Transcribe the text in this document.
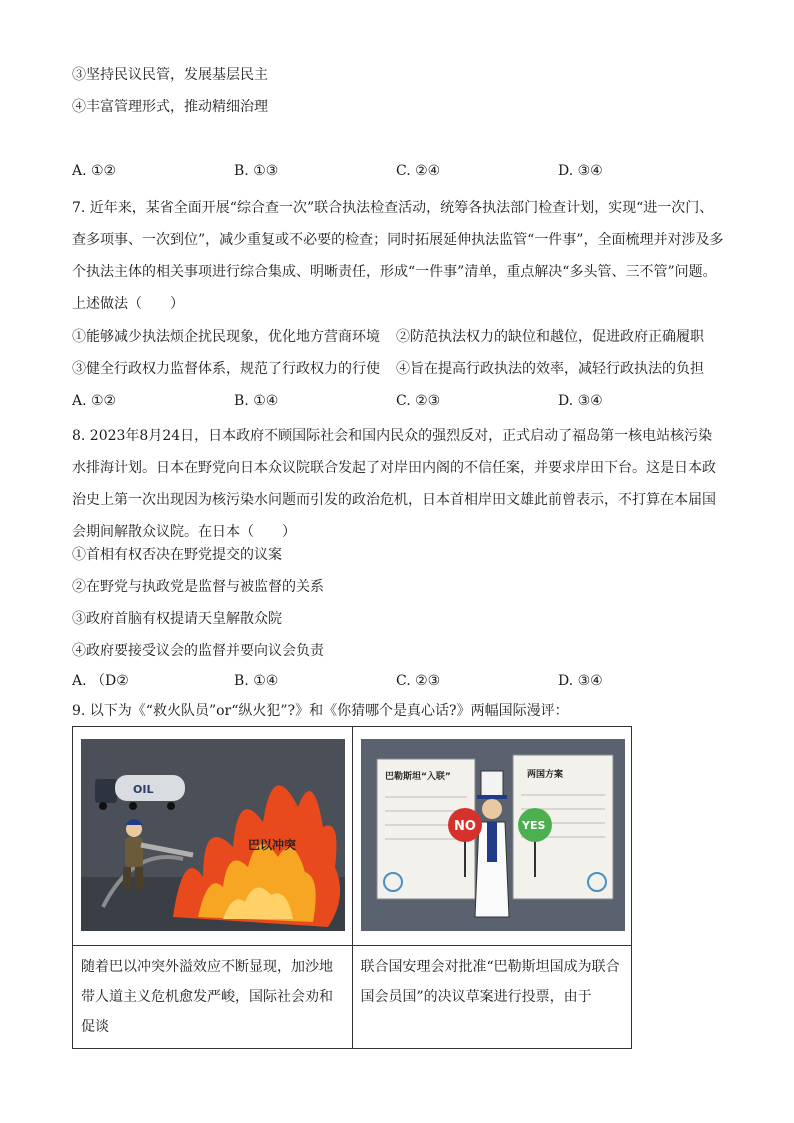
③坚持民议民管，发展基层民主
④丰富管理形式，推动精细治理
A. ①②	B. ①③	C. ②④	D. ③④
7. 近年来，某省全面开展“综合查一次”联合执法检查活动，统筹各执法部门检查计划，实现“进一次门、查多项事、一次到位”，减少重复或不必要的检查；同时拓展延伸执法监管“一件事”，全面梳理并对涉及多个执法主体的相关事项进行综合集成、明晰责任，形成“一件事”清单，重点解决“多头管、三不管”问题。上述做法（　　）
①能够减少执法烦企扰民现象，优化地方营商环境 ②防范执法权力的缺位和越位，促进政府正确履职
③健全行政权力监督体系，规范了行政权力的行使 ④旨在提高行政执法的效率，减轻行政执法的负担
A. ①②	B. ①④	C. ②③	D. ③④
8. 2023年8月24日，日本政府不顾国际社会和国内民众的强烈反对，正式启动了福岛第一核电站核污染水排海计划。日本在野党向日本众议院联合发起了对岸田内阁的不信任案，并要求岸田下台。这是日本政治史上第一次出现因为核污染水问题而引发的政治危机，日本首相岸田文雄此前曾表示，不打算在本届国会期间解散众议院。在日本（　　）
①首相有权否决在野党提交的议案
②在野党与执政党是监督与被监督的关系
③政府首脑有权提请天皇解散众院
④政府要接受议会的监督并要向议会负责
A. （D②	B. ①④	C. ②③	D. ③④
9. 以下为《“救火队员”or“纵火犯”?》和《你猜哪个是真心话?》两幅国际漫评：
OIL
巴以冲突	巴勒斯坦“入联” 两国方案
NO YES

随着巴以冲突外溢效应不断显现，加沙地带人道主义危机愈发严峻，国际社会劝和促谈	联合国安理会对批准“巴勒斯坦国成为联合国会员国”的决议草案进行投票，由于
